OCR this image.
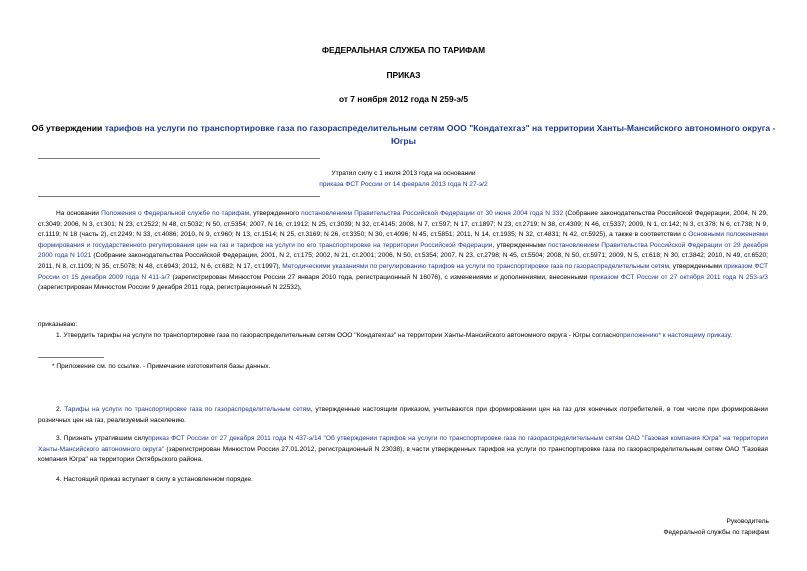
ФЕДЕРАЛЬНАЯ СЛУЖБА ПО ТАРИФАМ
ПРИКАЗ
от 7 ноября 2012 года N 259-э/5
Об утверждении тарифов на услуги по транспортировке газа по газораспределительным сетям ООО "Кондатехгаз" на территории Ханты-Мансийского автономного округа - Югры
Утратил силу с 1 июля 2013 года на основании
приказа ФСТ России от 14 февраля 2013 года N 27-э/2
На основании Положения о Федеральной службе по тарифам, утвержденного постановлением Правительства Российской Федерации от 30 июня 2004 года N 332 (Собрание законодательства Российской Федерации, 2004, N 29, ст.3049; 2006, N 3, ст.301; N 23, ст.2522; N 48, ст.5032; N 50, ст.5354; 2007, N 16, ст.1912; N 25, ст.3039; N 32, ст.4145; 2008, N 7, ст.597; N 17, ст.1897; N 23, ст.2719; N 38, ст.4309; N 46, ст.5337; 2009, N 1, ст.142; N 3, ст.378; N 6, ст.738; N 9, ст.1119; N 18 (часть 2), ст.2249; N 33, ст.4086; 2010, N 9, ст.960; N 13, ст.1514; N 25, ст.3169; N 26, ст.3350; N 30, ст.4096; N 45, ст.5851; 2011, N 14, ст.1935; N 32, ст.4831; N 42, ст.5925), а также в соответствии с Основными положениями формирования и государственного регулирования цен на газ и тарифов на услуги по его транспортировке на территории Российской Федерации, утвержденными постановлением Правительства Российской Федерации от 29 декабря 2000 года N 1021 (Собрание законодательства Российской Федерации, 2001, N 2, ст.175; 2002, N 21, ст.2001; 2006, N 50, ст.5354; 2007, N 23, ст.2798; N 45, ст.5504; 2008, N 50, ст.5971; 2009, N 5, ст.618; N 30, ст.3842; 2010, N 49, ст.6520; 2011, N 8, ст.1109; N 35, ст.5078; N 48, ст.6943; 2012, N 6, ст.682; N 17, ст.1997), Методическими указаниями по регулированию тарифов на услуги по транспортировке газа по газораспределительным сетям, утвержденными приказом ФСТ России от 15 декабря 2009 года N 411-э/7 (зарегистрирован Минюстом России 27 января 2010 года, регистрационный N 16076), с изменениями и дополнениями, внесенными приказом ФСТ России от 27 октября 2011 года N 253-э/3 (зарегистрирован Минюстом России 9 декабря 2011 года, регистрационный N 22532),
приказываю:
1. Утвердить тарифы на услуги по транспортировке газа по газораспределительным сетям ООО "Кондатехгаз" на территории Ханты-Мансийского автономного округа - Югры согласноприложению* к настоящему приказу.
* Приложение см. по ссылке. - Примечание изготовителя базы данных.
2. Тарифы на услуги по транспортировке газа по газораспределительным сетям, утвержденные настоящим приказом, учитываются при формировании цен на газ для конечных потребителей, в том числе при формировании розничных цен на газ, реализуемый населению.
3. Признать утратившим силуприказ ФСТ России от 27 декабря 2011 года N 437-э/14 "Об утверждении тарифов на услуги по транспортировке газа по газораспределительным сетям ОАО "Газовая компания Югра" на территории Ханты-Мансийского автономного округа" (зарегистрирован Минюстом России 27.01.2012, регистрационный N 23038), в части утвержденных тарифов на услуги по транспортировке газа по газораспределительным сетям ОАО "Газовая компания Югра" на территории Октябрьского района.
4. Настоящий приказ вступает в силу в установленном порядке.
Руководитель
Федеральной службы по тарифам
